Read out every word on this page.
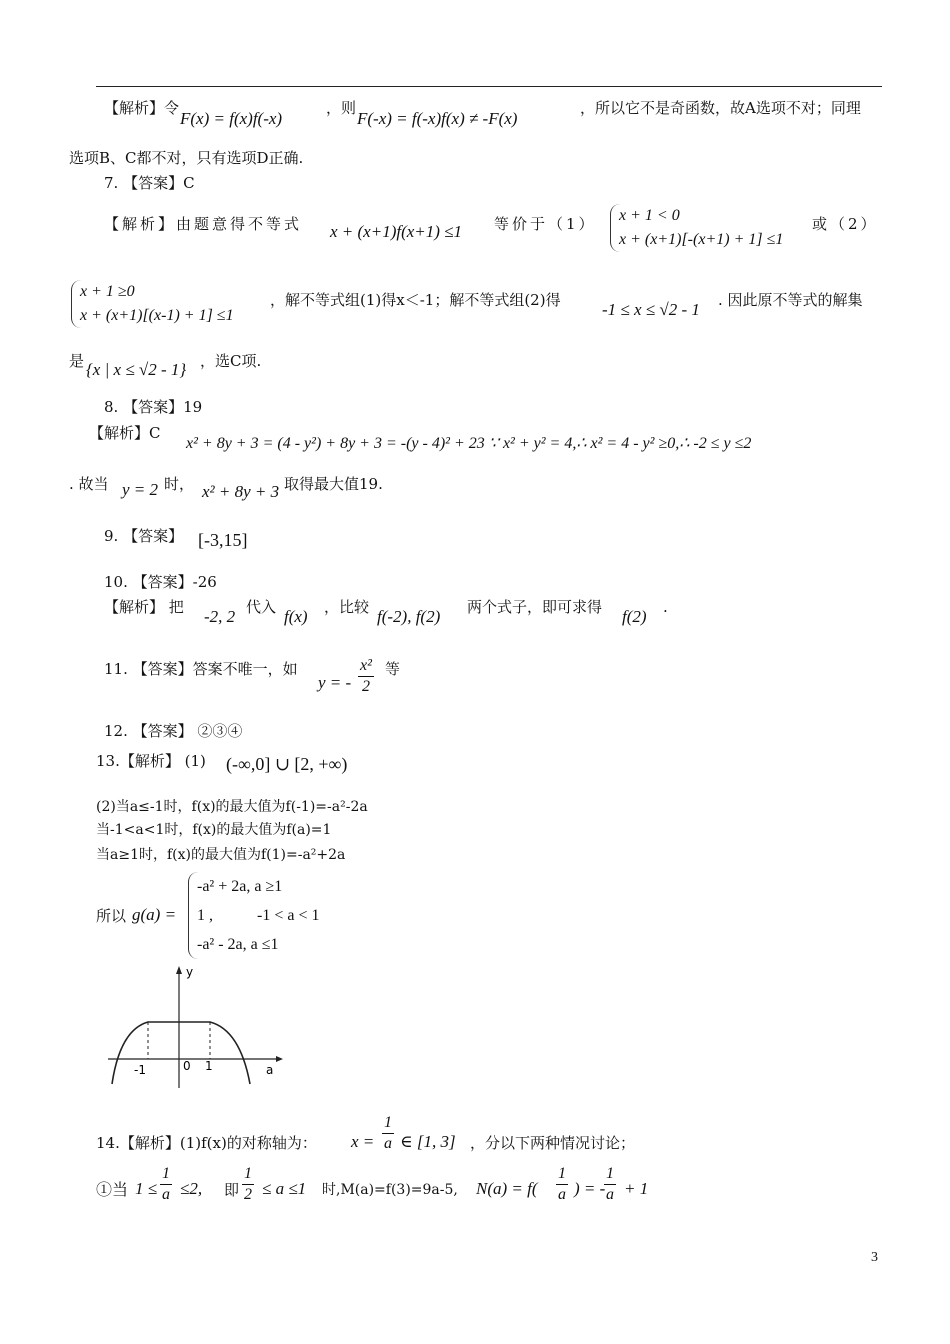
【解析】令
F(x) = f(x)f(-x)
，则
F(-x) = f(-x)f(x) ≠ -F(x)
，所以它不是奇函数，故A选项不对；同理
选项B、C都不对，只有选项D正确.
7. 【答案】C
【解析】由题意得不等式 x + (x+1)f(x+1) ≤1 等价于（1） x + 1 < 0
x + (x+1)[-(x+1) + 1] ≤1
或（2）
x + 1 ≥0
x + (x+1)[(x-1) + 1] ≤1
，解不等式组(1)得x＜-1；解不等式组(2)得 -1 ≤ x ≤ √2 - 1 . 因此原不等式的解集
是 {x | x ≤ √2 - 1} ，选C项.
8. 【答案】19
【解析】C
x² + 8y + 3 = (4 - y²) + 8y + 3 = -(y - 4)² + 23 ∵ x² + y² = 4,∴ x² = 4 - y² ≥0,∴ -2 ≤ y ≤2
. 故当 y = 2 时， x² + 8y + 3 取得最大值19.
9. 【答案】 [-3,15]
10. 【答案】-26
【解析】 把 -2, 2 代入 f(x) ，比较 f(-2), f(2) 两个式子，即可求得 f(2) .
11. 【答案】答案不唯一，如
y = - $\frac{\text{x²}}{2}$ 等
12. 【答案】 ②③④
13.【解析】 (1) (-∞,0] ∪ [2, +∞)
(2)当a≤-1时，f(x)的最大值为f(-1)=-a²-2a
当-1<a<1时，f(x)的最大值为f(a)=1
当a≥1时，f(x)的最大值为f(1)=-a²+2a
所以 g(a) =
-a² + 2a, a ≥1
1 ,           -1 < a < 1
-a² - 2a, a ≤1
y
a
-1	0 1
14.【解析】(1)f(x)的对称轴为： $x = \frac{1}{a}$ ∈ [1, 3] ，分以下两种情况讨论；
①当 $1 \le \frac{1}{a} \le 2$, 即 $\frac{1}{2} \le a \le 1$ 时,M(a)=f(3)=9a-5, $N(a) = f( \frac{1}{a}$ ) = -
$\frac{1}{a} + 1$
3
